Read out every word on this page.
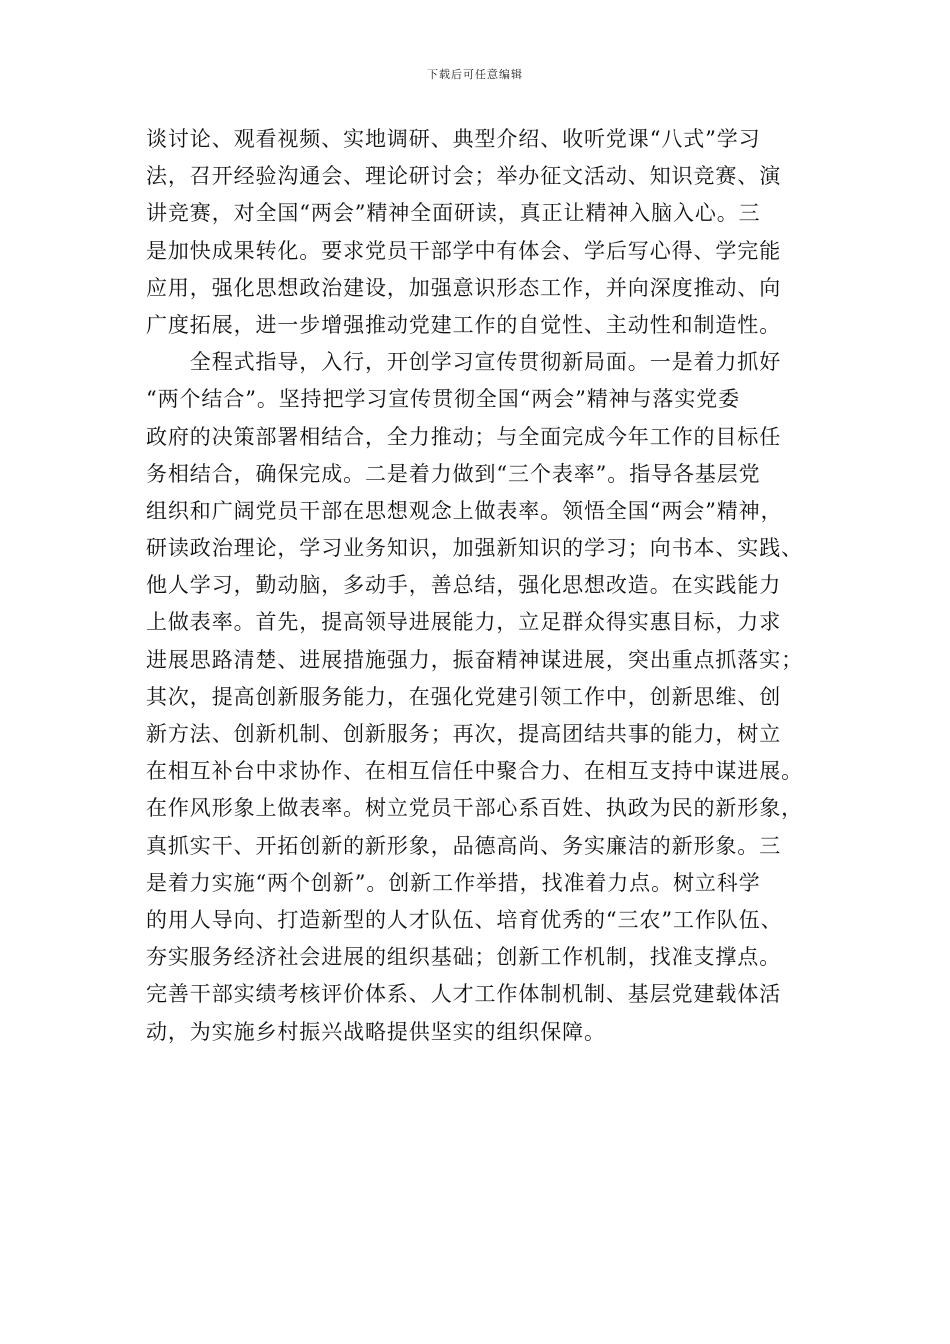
下载后可任意编辑
谈讨论、观看视频、实地调研、典型介绍、收听党课“八式”学习
法，召开经验沟通会、理论研讨会；举办征文活动、知识竞赛、演
讲竞赛，对全国“两会”精神全面研读，真正让精神入脑入心。三
是加快成果转化。要求党员干部学中有体会、学后写心得、学完能
应用，强化思想政治建设，加强意识形态工作，并向深度推动、向
广度拓展，进一步增强推动党建工作的自觉性、主动性和制造性。
　　全程式指导，入行，开创学习宣传贯彻新局面。一是着力抓好
“两个结合”。坚持把学习宣传贯彻全国“两会”精神与落实党委
政府的决策部署相结合，全力推动；与全面完成今年工作的目标任
务相结合，确保完成。二是着力做到“三个表率”。指导各基层党
组织和广阔党员干部在思想观念上做表率。领悟全国“两会”精神，
研读政治理论，学习业务知识，加强新知识的学习；向书本、实践、
他人学习，勤动脑，多动手，善总结，强化思想改造。在实践能力
上做表率。首先，提高领导进展能力，立足群众得实惠目标，力求
进展思路清楚、进展措施强力，振奋精神谋进展，突出重点抓落实；
其次，提高创新服务能力，在强化党建引领工作中，创新思维、创
新方法、创新机制、创新服务；再次，提高团结共事的能力，树立
在相互补台中求协作、在相互信任中聚合力、在相互支持中谋进展。
在作风形象上做表率。树立党员干部心系百姓、执政为民的新形象，
真抓实干、开拓创新的新形象，品德高尚、务实廉洁的新形象。三
是着力实施“两个创新”。创新工作举措，找准着力点。树立科学
的用人导向、打造新型的人才队伍、培育优秀的“三农”工作队伍、
夯实服务经济社会进展的组织基础；创新工作机制，找准支撑点。
完善干部实绩考核评价体系、人才工作体制机制、基层党建载体活
动，为实施乡村振兴战略提供坚实的组织保障。
